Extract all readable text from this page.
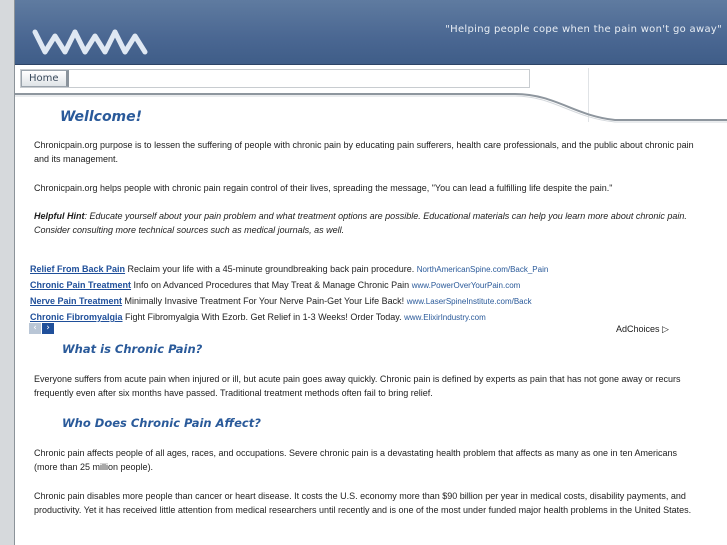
"Helping people cope when the pain won't go away"
Home
Wellcome!
Chronicpain.org purpose is to lessen the suffering of people with chronic pain by educating pain sufferers, health care professionals, and the public about chronic pain and its management.
Chronicpain.org helps people with chronic pain regain control of their lives, spreading the message, "You can lead a fulfilling life despite the pain."
Helpful Hint: Educate yourself about your pain problem and what treatment options are possible. Educational materials can help you learn more about chronic pain. Consider consulting more technical sources such as medical journals, as well.
Relief From Back Pain Reclaim your life with a 45-minute groundbreaking back pain procedure. NorthAmericanSpine.com/Back_Pain
Chronic Pain Treatment Info on Advanced Procedures that May Treat & Manage Chronic Pain www.PowerOverYourPain.com
Nerve Pain Treatment Minimally Invasive Treatment For Your Nerve Pain-Get Your Life Back! www.LaserSpineInstitute.com/Back
Chronic Fibromyalgia Fight Fibromyalgia With Ezorb. Get Relief in 1-3 Weeks! Order Today. www.ElixirIndustry.com
‹ ›	AdChoices ▷
What is Chronic Pain?
Everyone suffers from acute pain when injured or ill, but acute pain goes away quickly. Chronic pain is defined by experts as pain that has not gone away or recurs frequently even after six months have passed. Traditional treatment methods often fail to bring relief.
Who Does Chronic Pain Affect?
Chronic pain affects people of all ages, races, and occupations. Severe chronic pain is a devastating health problem that affects as many as one in ten Americans (more than 25 million people).
Chronic pain disables more people than cancer or heart disease. It costs the U.S. economy more than $90 billion per year in medical costs, disability payments, and productivity. Yet it has received little attention from medical researchers until recently and is one of the most under funded major health problems in the United States.
